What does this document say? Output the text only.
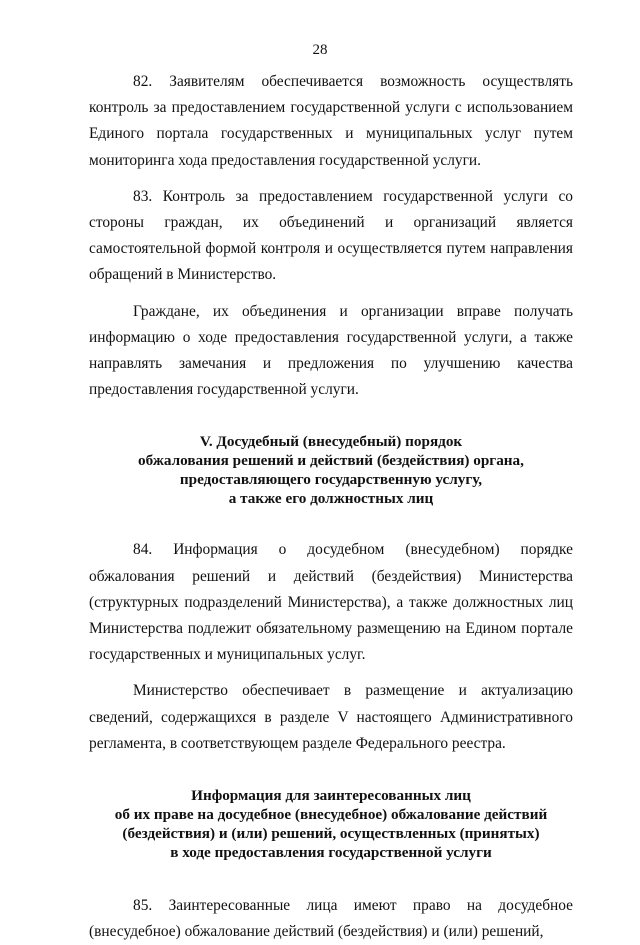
28

82. Заявителям обеспечивается возможность осуществлять контроль за предоставлением государственной услуги с использованием Единого портала государственных и муниципальных услуг путем мониторинга хода предоставления государственной услуги.

83. Контроль за предоставлением государственной услуги со стороны граждан, их объединений и организаций является самостоятельной формой контроля и осуществляется путем направления обращений в Министерство.

Граждане, их объединения и организации вправе получать информацию о ходе предоставления государственной услуги, а также направлять замечания и предложения по улучшению качества предоставления государственной услуги.

V. Досудебный (внесудебный) порядок
обжалования решений и действий (бездействия) органа,
предоставляющего государственную услугу,
а также его должностных лиц

84. Информация о досудебном (внесудебном) порядке обжалования решений и действий (бездействия) Министерства (структурных подразделений Министерства), а также должностных лиц Министерства подлежит обязательному размещению на Едином портале государственных и муниципальных услуг.

Министерство обеспечивает в размещение и актуализацию сведений, содержащихся в разделе V настоящего Административного регламента, в соответствующем разделе Федерального реестра.

Информация для заинтересованных лиц
об их праве на досудебное (внесудебное) обжалование действий
(бездействия) и (или) решений, осуществленных (принятых)
в ходе предоставления государственной услуги

85. Заинтересованные лица имеют право на досудебное (внесудебное) обжалование действий (бездействия) и (или) решений,
